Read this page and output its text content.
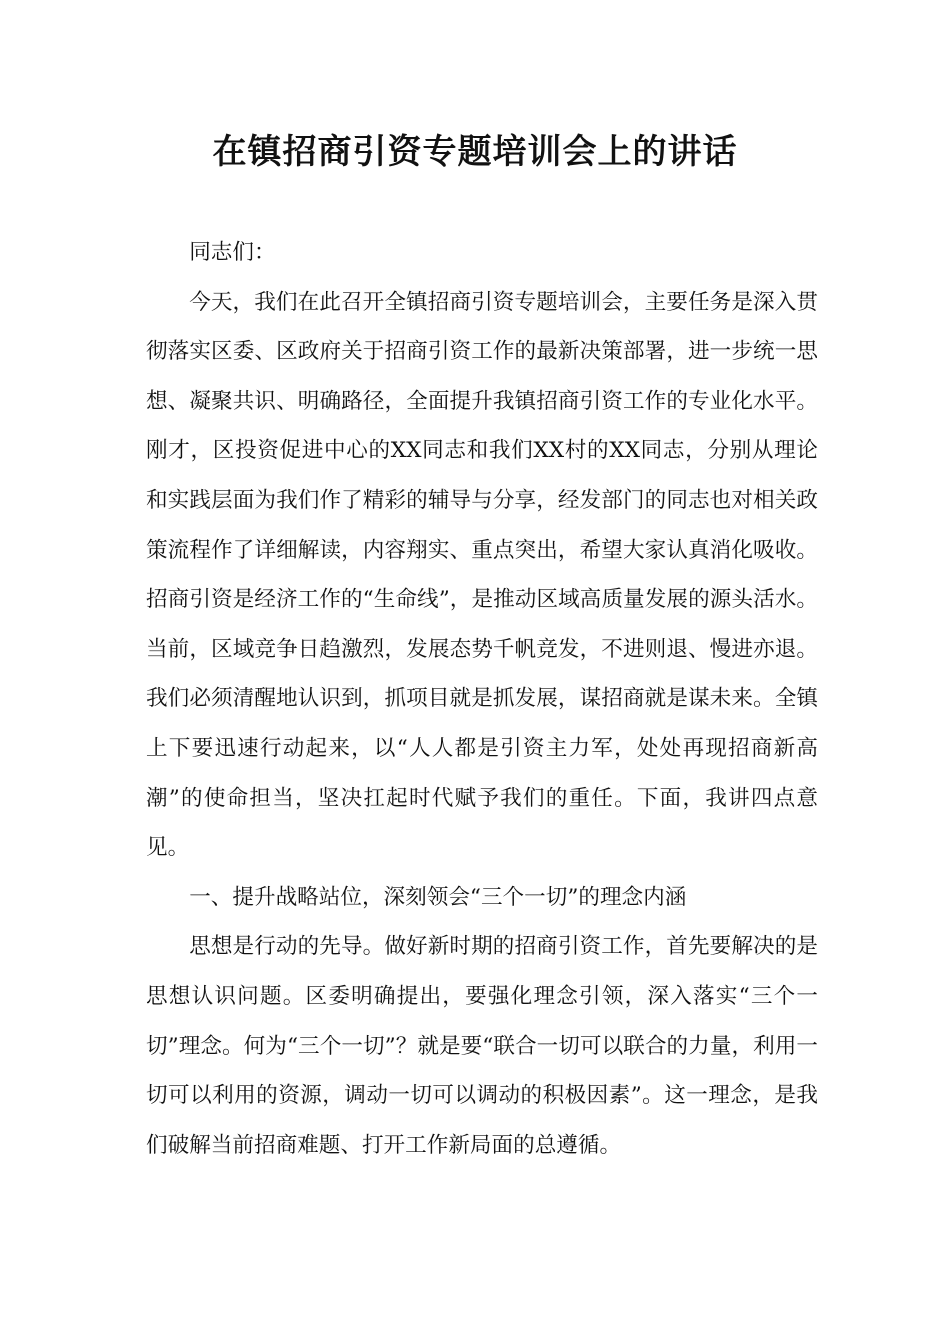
在镇招商引资专题培训会上的讲话

同志们：

今天，我们在此召开全镇招商引资专题培训会，主要任务是深入贯彻落实区委、区政府关于招商引资工作的最新决策部署，进一步统一思想、凝聚共识、明确路径，全面提升我镇招商引资工作的专业化水平。刚才，区投资促进中心的XX同志和我们XX村的XX同志，分别从理论和实践层面为我们作了精彩的辅导与分享，经发部门的同志也对相关政策流程作了详细解读，内容翔实、重点突出，希望大家认真消化吸收。招商引资是经济工作的“生命线”，是推动区域高质量发展的源头活水。当前，区域竞争日趋激烈，发展态势千帆竞发，不进则退、慢进亦退。我们必须清醒地认识到，抓项目就是抓发展，谋招商就是谋未来。全镇上下要迅速行动起来，以“人人都是引资主力军，处处再现招商新高潮”的使命担当，坚决扛起时代赋予我们的重任。下面，我讲四点意见。

一、提升战略站位，深刻领会“三个一切”的理念内涵

思想是行动的先导。做好新时期的招商引资工作，首先要解决的是思想认识问题。区委明确提出，要强化理念引领，深入落实“三个一切”理念。何为“三个一切”？就是要“联合一切可以联合的力量，利用一切可以利用的资源，调动一切可以调动的积极因素”。这一理念，是我们破解当前招商难题、打开工作新局面的总遵循。
